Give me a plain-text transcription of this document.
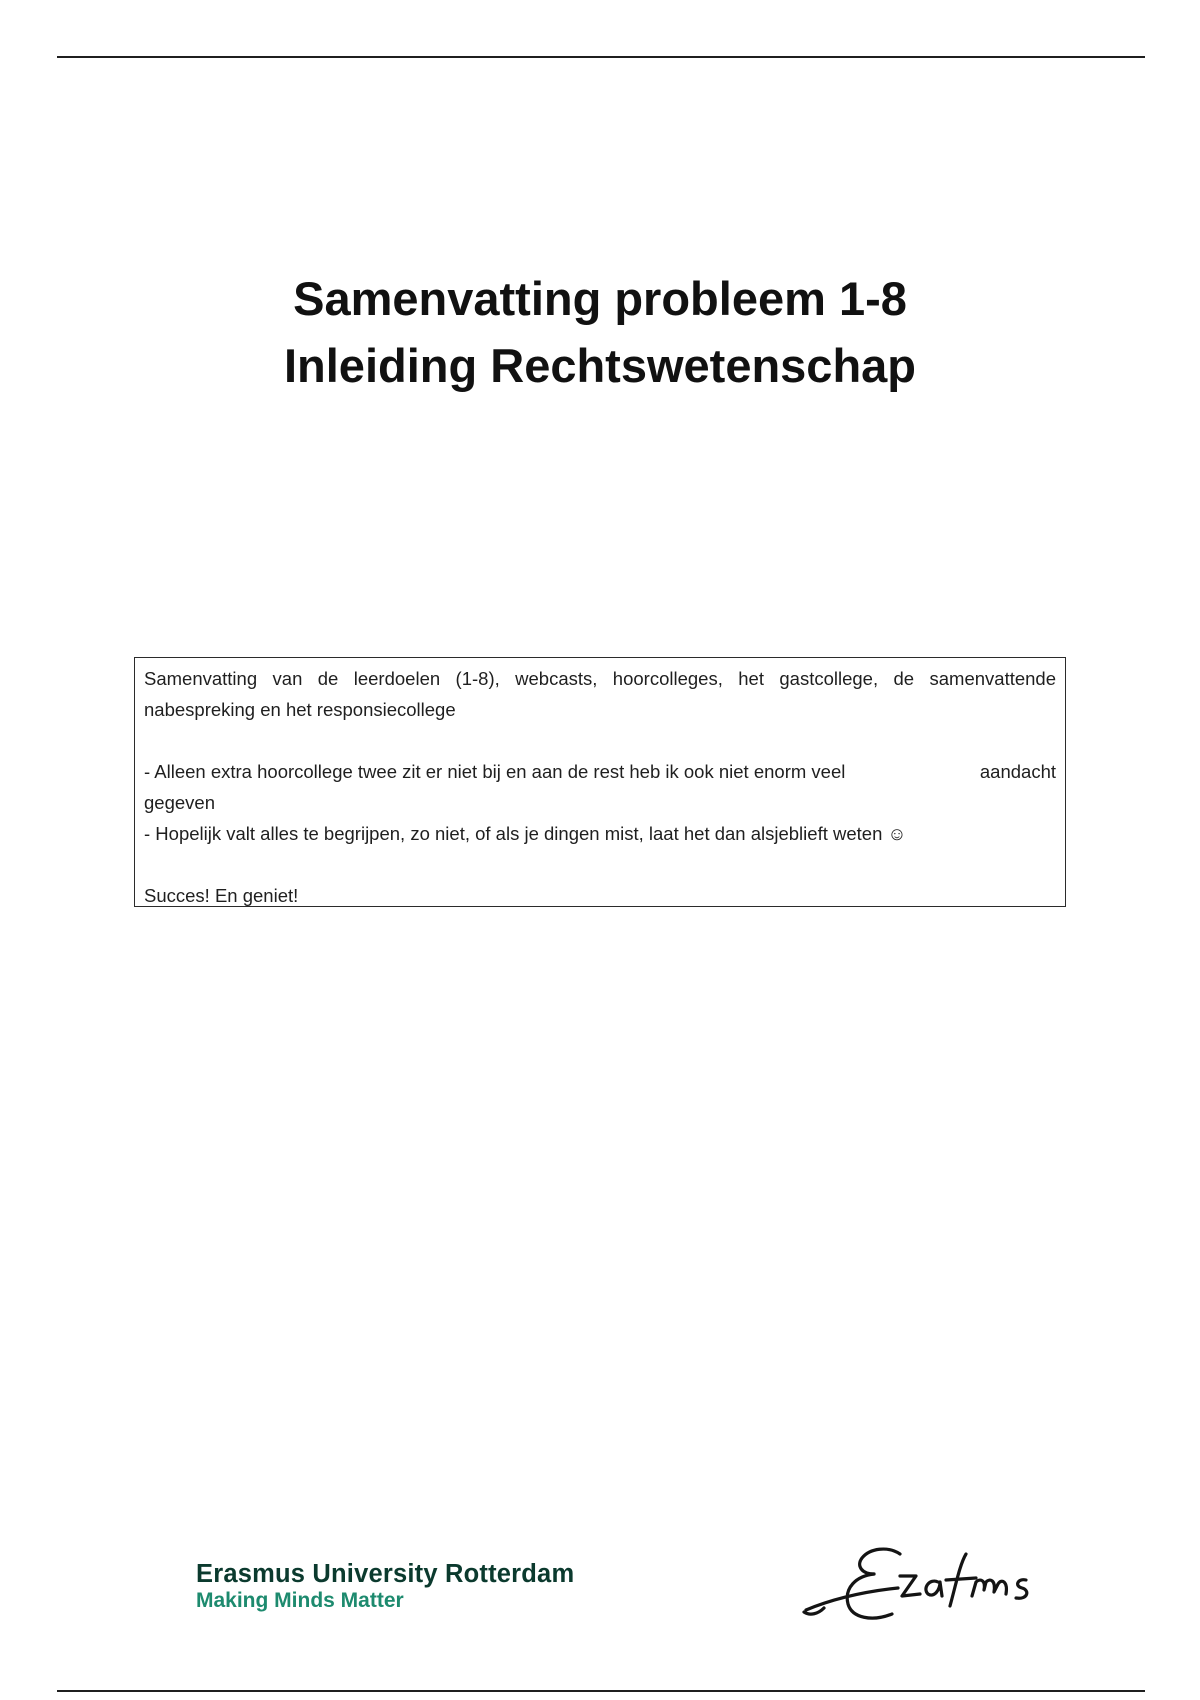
Samenvatting probleem 1-8
Inleiding Rechtswetenschap

Samenvatting van de leerdoelen (1-8), webcasts, hoorcolleges, het gastcollege, de samenvattende nabespreking en het responsiecollege

- Alleen extra hoorcollege twee zit er niet bij en aan de rest heb ik ook niet enorm veel	aandacht

gegeven

- Hopelijk valt alles te begrijpen, zo niet, of als je dingen mist, laat het dan alsjeblieft weten ☺

Succes! En geniet!

Erasmus University Rotterdam
Making Minds Matter
